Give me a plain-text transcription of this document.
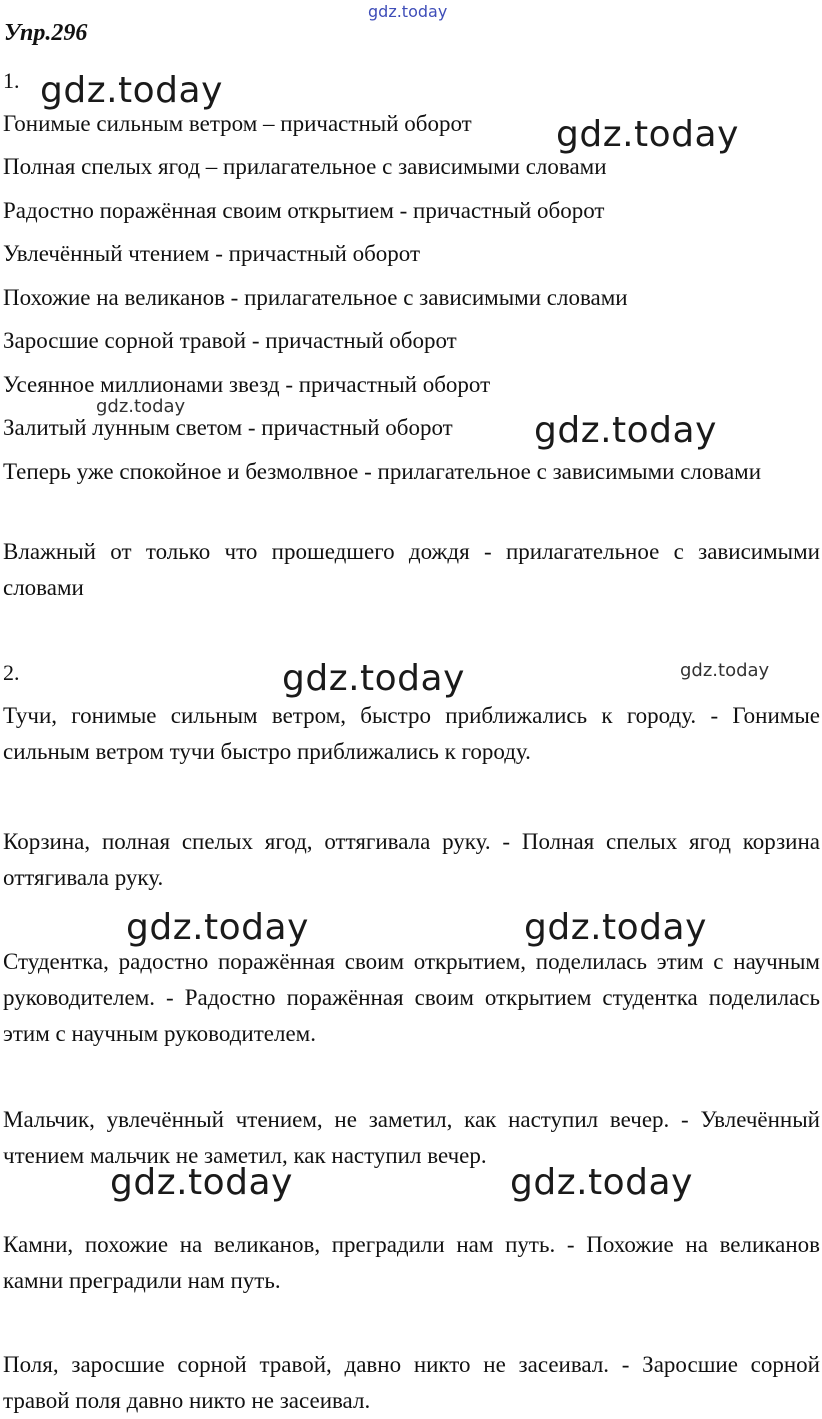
Упр.296
1.
Гонимые сильным ветром – причастный оборот
Полная спелых ягод – прилагательное с зависимыми словами
Радостно поражённая своим открытием - причастный оборот
Увлечённый чтением - причастный оборот
Похожие на великанов - прилагательное с зависимыми словами
Заросшие сорной травой - причастный оборот
Усеянное миллионами звезд - причастный оборот
Залитый лунным светом - причастный оборот
Теперь уже спокойное и безмолвное - прилагательное с зависимыми словами
Влажный от только что прошедшего дождя - прилагательное с зависимыми словами
2.
Тучи, гонимые сильным ветром, быстро приближались к городу. - Гонимые сильным ветром тучи быстро приближались к городу.
Корзина, полная спелых ягод, оттягивала руку. - Полная спелых ягод корзина оттягивала руку.
Студентка, радостно поражённая своим открытием, поделилась этим с научным руководителем. - Радостно поражённая своим открытием студентка поделилась этим с научным руководителем.
Мальчик, увлечённый чтением, не заметил, как наступил вечер. - Увлечённый чтением мальчик не заметил, как наступил вечер.
Камни, похожие на великанов, преградили нам путь. - Похожие на великанов камни преградили нам путь.
Поля, заросшие сорной травой, давно никто не засеивал. - Заросшие сорной травой поля давно никто не засеивал.
gdz.today
gdz.today
gdz.today
gdz.today
gdz.today
gdz.today	gdz.today
gdz.today	gdz.today
gdz.today	gdz.today
